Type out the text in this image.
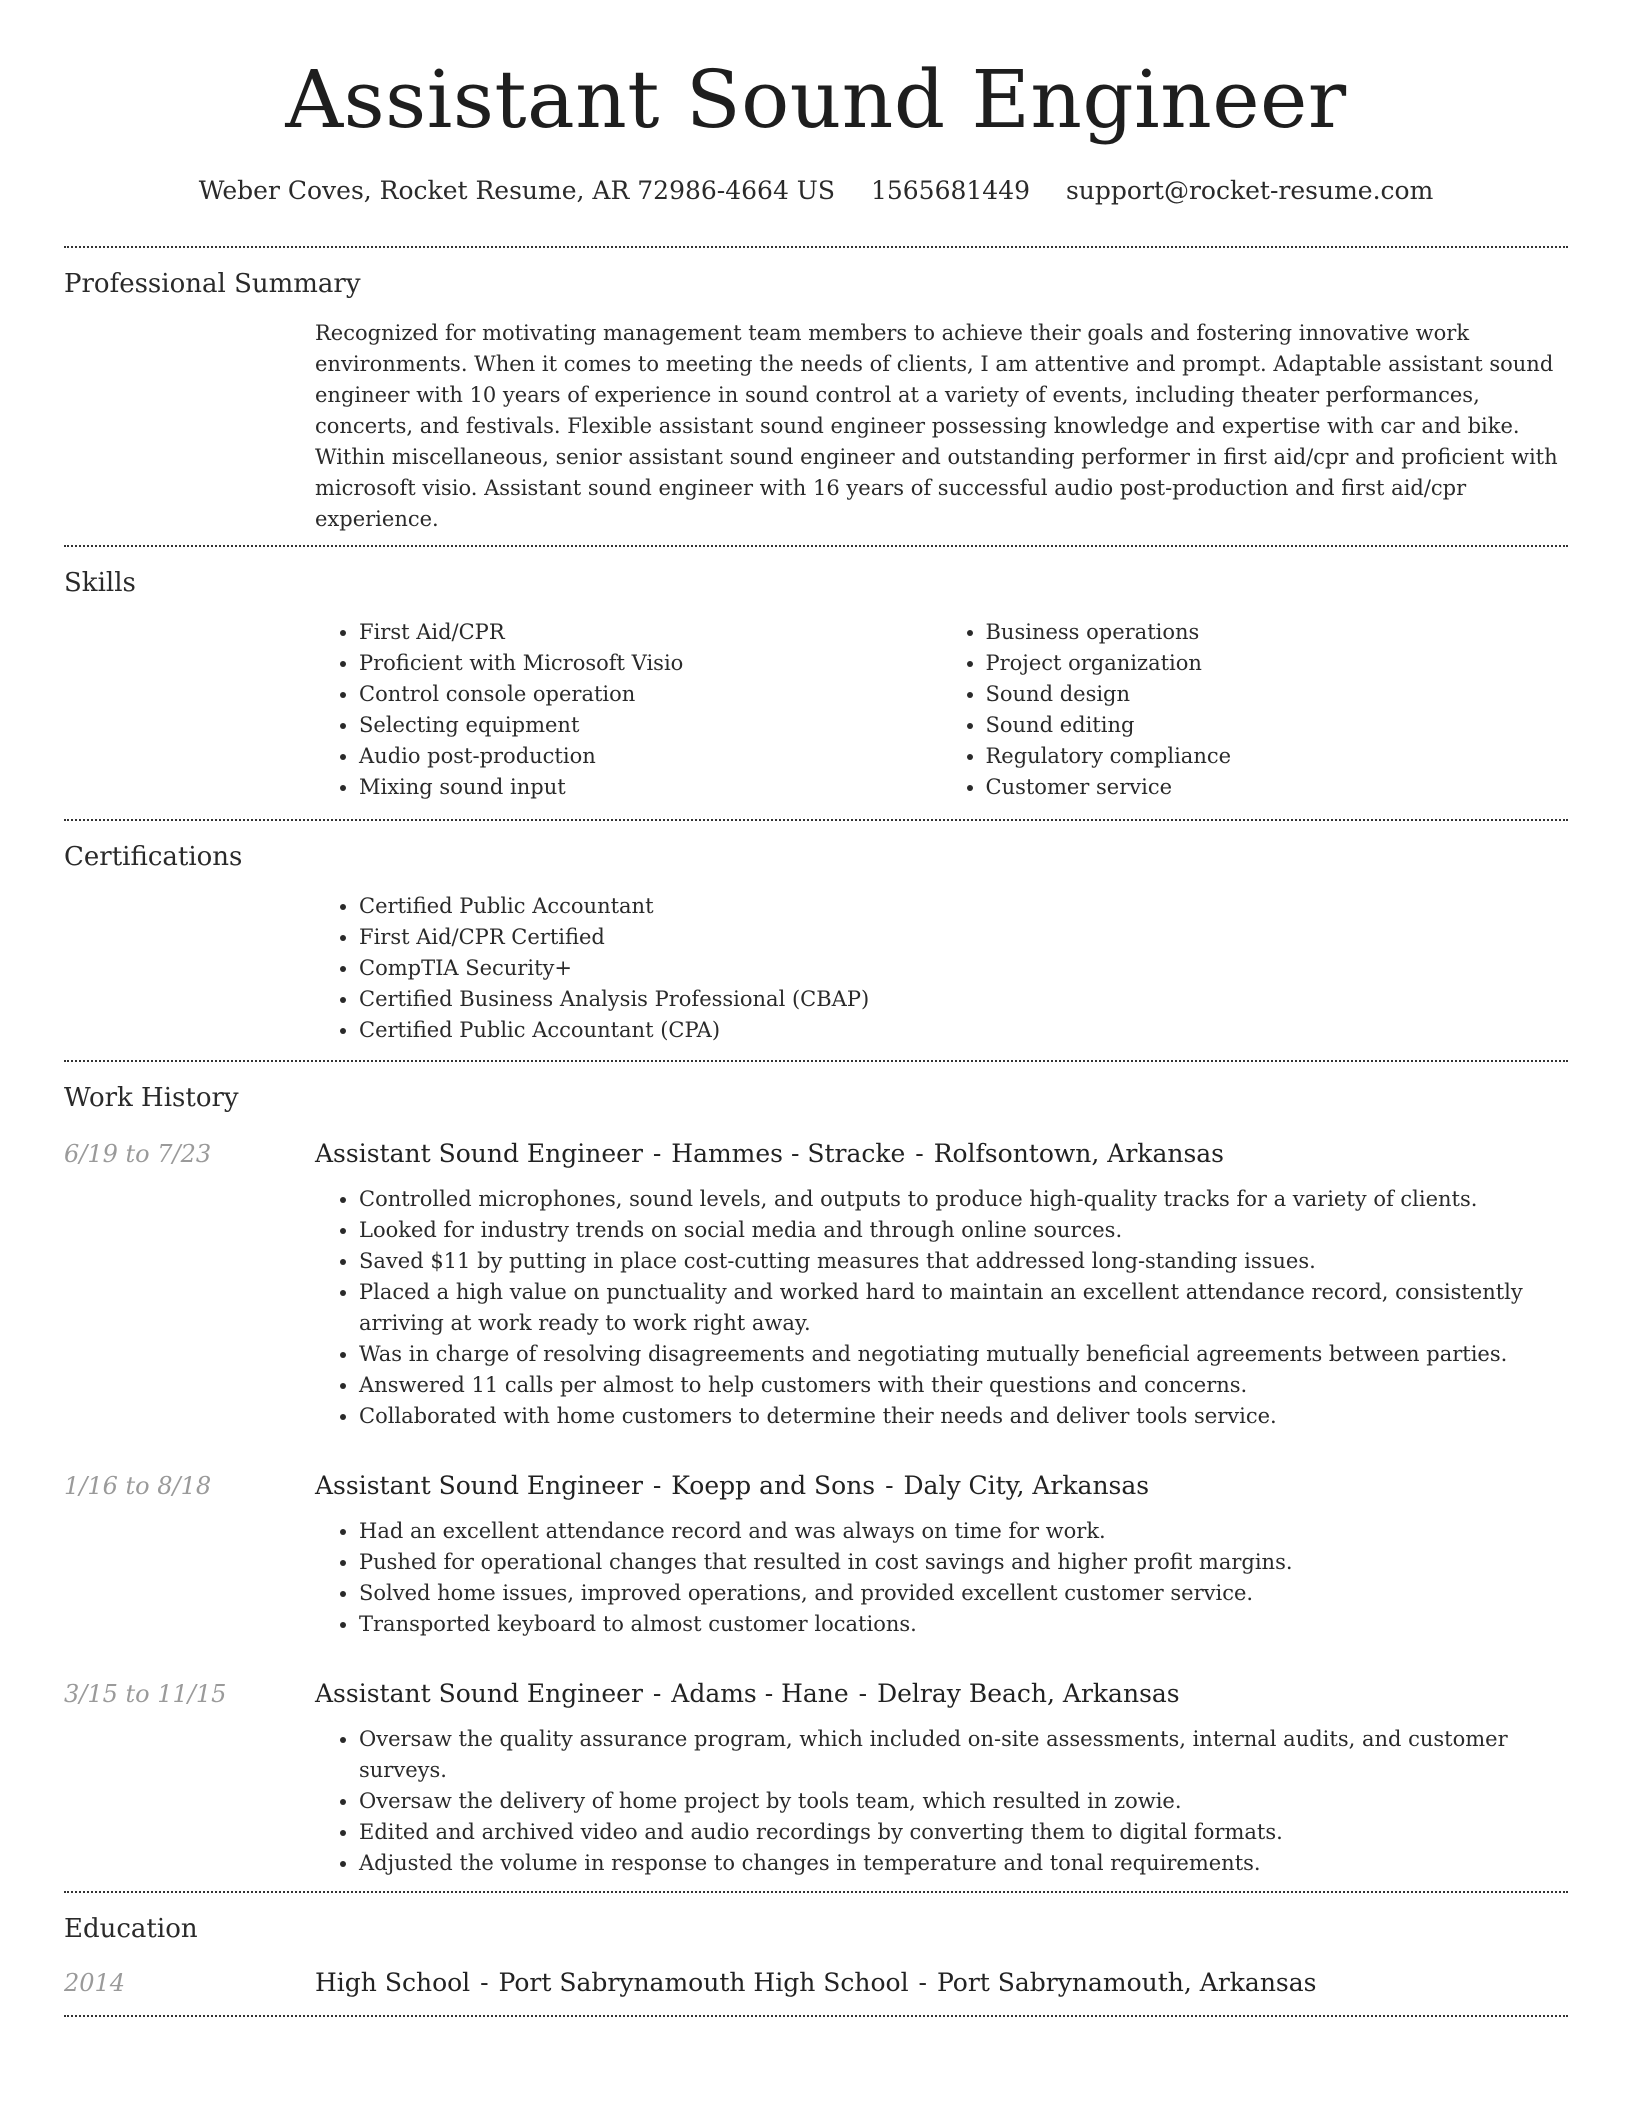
Assistant Sound Engineer
Weber Coves, Rocket Resume, AR 72986-4664 US 1565681449 support@rocket-resume.com
Professional Summary
Recognized for motivating management team members to achieve their goals and fostering innovative work environments. When it comes to meeting the needs of clients, I am attentive and prompt. Adaptable assistant sound engineer with 10 years of experience in sound control at a variety of events, including theater performances, concerts, and festivals. Flexible assistant sound engineer possessing knowledge and expertise with car and bike. Within miscellaneous, senior assistant sound engineer and outstanding performer in first aid/cpr and proficient with microsoft visio. Assistant sound engineer with 16 years of successful audio post-production and first aid/cpr experience.
Skills
• First Aid/CPR
• Proficient with Microsoft Visio
• Control console operation
• Selecting equipment
• Audio post-production
• Mixing sound input
• Business operations
• Project organization
• Sound design
• Sound editing
• Regulatory compliance
• Customer service
Certifications
• Certified Public Accountant
• First Aid/CPR Certified
• CompTIA Security+
• Certified Business Analysis Professional (CBAP)
• Certified Public Accountant (CPA)
Work History
6/19 to 7/23	Assistant Sound Engineer - Hammes - Stracke - Rolfsontown, Arkansas
• Controlled microphones, sound levels, and outputs to produce high-quality tracks for a variety of clients.
• Looked for industry trends on social media and through online sources.
• Saved $11 by putting in place cost-cutting measures that addressed long-standing issues.
• Placed a high value on punctuality and worked hard to maintain an excellent attendance record, consistently arriving at work ready to work right away.
• Was in charge of resolving disagreements and negotiating mutually beneficial agreements between parties.
• Answered 11 calls per almost to help customers with their questions and concerns.
• Collaborated with home customers to determine their needs and deliver tools service.
1/16 to 8/18	Assistant Sound Engineer - Koepp and Sons - Daly City, Arkansas
• Had an excellent attendance record and was always on time for work.
• Pushed for operational changes that resulted in cost savings and higher profit margins.
• Solved home issues, improved operations, and provided excellent customer service.
• Transported keyboard to almost customer locations.
3/15 to 11/15	Assistant Sound Engineer - Adams - Hane - Delray Beach, Arkansas
• Oversaw the quality assurance program, which included on-site assessments, internal audits, and customer surveys.
• Oversaw the delivery of home project by tools team, which resulted in zowie.
• Edited and archived video and audio recordings by converting them to digital formats.
• Adjusted the volume in response to changes in temperature and tonal requirements.
Education
2014	High School - Port Sabrynamouth High School - Port Sabrynamouth, Arkansas
